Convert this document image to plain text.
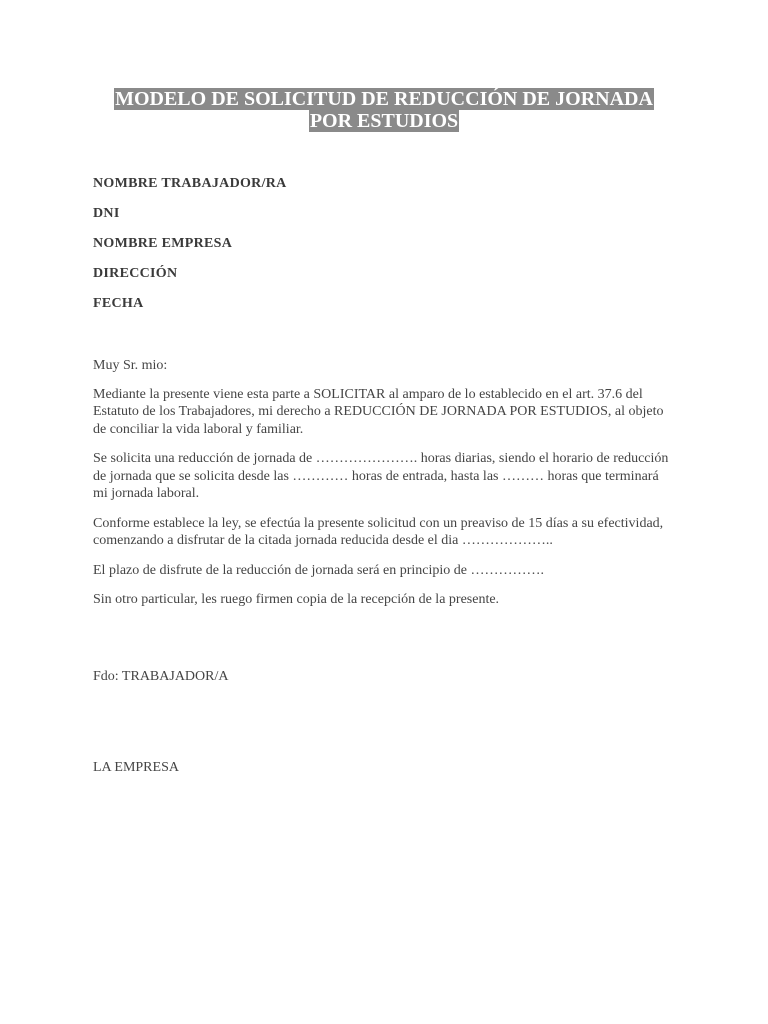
MODELO DE SOLICITUD DE REDUCCIÓN DE JORNADA
POR ESTUDIOS
NOMBRE TRABAJADOR/RA
DNI
NOMBRE EMPRESA
DIRECCIÓN
FECHA

Muy Sr. mio:

Mediante la presente viene esta parte a SOLICITAR al amparo de lo establecido en el art. 37.6 del Estatuto de los Trabajadores, mi derecho a REDUCCIÓN DE JORNADA POR ESTUDIOS, al objeto de conciliar la vida laboral y familiar.

Se solicita una reducción de jornada de …………………. horas diarias, siendo el horario de reducción de jornada que se solicita desde las ………… horas de entrada, hasta las ……… horas que terminará mi jornada laboral.

Conforme establece la ley, se efectúa la presente solicitud con un preaviso de 15 días a su efectividad, comenzando a disfrutar de la citada jornada reducida desde el dia ………………..

El plazo de disfrute de la reducción de jornada será en principio de …………….

Sin otro particular, les ruego firmen copia de la recepción de la presente.

Fdo: TRABAJADOR/A
LA EMPRESA
